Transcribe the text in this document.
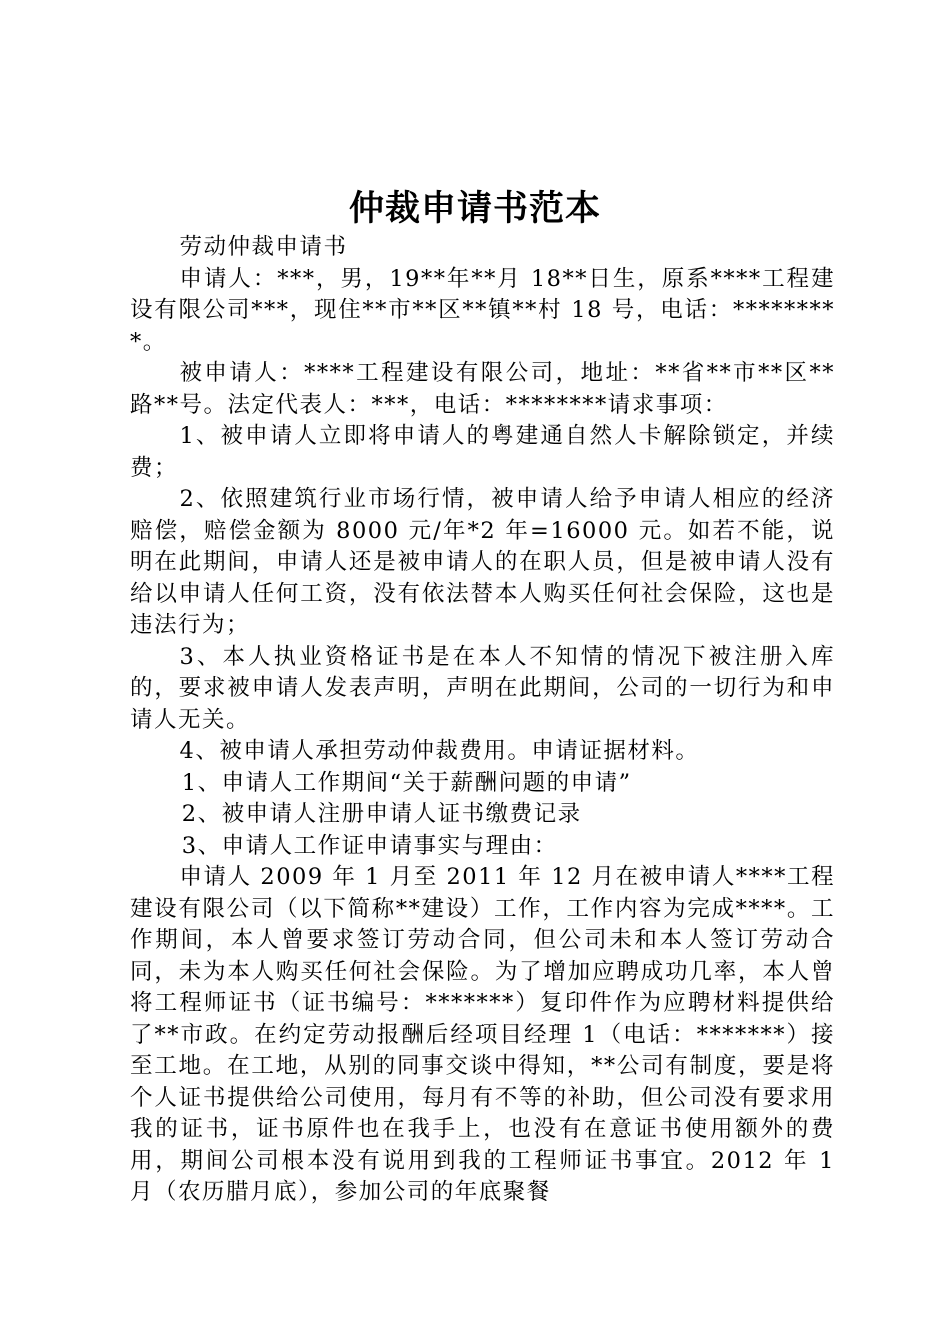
仲裁申请书范本

劳动仲裁申请书

申请人：***，男，19**年**月 18**日生，原系****工程建设有限公司***，现住**市**区**镇**村 18 号，电话：*********。

被申请人：****工程建设有限公司，地址：**省**市**区**路**号。法定代表人：***，电话：********请求事项：

1、被申请人立即将申请人的粤建通自然人卡解除锁定，并续费；

2、依照建筑行业市场行情，被申请人给予申请人相应的经济赔偿，赔偿金额为 8000 元/年*2 年=16000 元。如若不能，说明在此期间，申请人还是被申请人的在职人员，但是被申请人没有给以申请人任何工资，没有依法替本人购买任何社会保险，这也是违法行为；

3、本人执业资格证书是在本人不知情的情况下被注册入库的，要求被申请人发表声明，声明在此期间，公司的一切行为和申请人无关。

4、被申请人承担劳动仲裁费用。申请证据材料。

1、申请人工作期间“关于薪酬问题的申请”

2、被申请人注册申请人证书缴费记录

3、申请人工作证申请事实与理由：

申请人 2009 年 1 月至 2011 年 12 月在被申请人****工程建设有限公司（以下简称**建设）工作，工作内容为完成****。工作期间，本人曾要求签订劳动合同，但公司未和本人签订劳动合同，未为本人购买任何社会保险。为了增加应聘成功几率，本人曾将工程师证书（证书编号：*******）复印件作为应聘材料提供给了**市政。在约定劳动报酬后经项目经理 1（电话：*******）接至工地。在工地，从别的同事交谈中得知，**公司有制度，要是将个人证书提供给公司使用，每月有不等的补助，但公司没有要求用我的证书，证书原件也在我手上，也没有在意证书使用额外的费用，期间公司根本没有说用到我的工程师证书事宜。2012 年 1 月（农历腊月底），参加公司的年底聚餐
